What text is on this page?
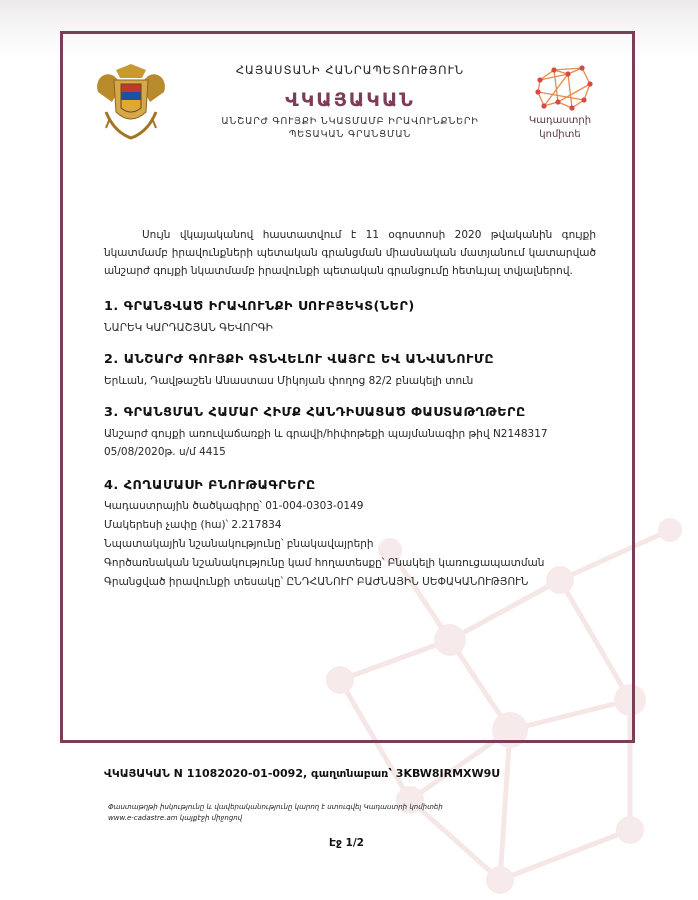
ՀԱՅԱՍՏԱՆԻ ՀԱՆՐԱՊԵՏՈՒԹՅՈՒՆ
ՎԿԱՅԱԿԱՆ
ԱՆՇԱՐԺ ԳՈՒՅՔԻ ՆԿԱՏՄԱՄԲ ԻՐԱՎՈՒՆՔՆԵՐԻ
ՊԵՏԱԿԱՆ ԳՐԱՆՑՄԱՆ
Կադաստրի
կոմիտե
Սույն վկայականով հաստատվում է 11 օգոստոսի 2020 թվականին գույքի նկատմամբ իրավունքների պետական գրանցման միասնական մատյանում կատարված անշարժ գույքի նկատմամբ իրավունքի պետական գրանցումը հետևյալ տվյալներով.
1. ԳՐԱՆՑՎԱԾ ԻՐԱՎՈՒՆՔԻ ՍՈՒԲՅԵԿՏ(ՆԵՐ)
ՆԱՐԵԿ ԿԱՐԴԱՇՅԱՆ ԳԵՎՈՐԳԻ
2. ԱՆՇԱՐԺ ԳՈՒՅՔԻ ԳՏՆՎԵԼՈՒ ՎԱՅՐԸ ԵՎ ԱՆՎԱՆՈՒՄԸ
Երևան, Դավթաշեն Անաստաս Միկոյան փողոց 82/2 բնակելի տուն
3. ԳՐԱՆՑՄԱՆ ՀԱՄԱՐ ՀԻՄՔ ՀԱՆԴԻՍԱՑԱԾ ՓԱՍՏԱԹՂԹԵՐԸ
Անշարժ գույքի առուվաճառքի և գրավի/հիփոթեքի պայմանագիր թիվ N2148317
05/08/2020թ. ս/մ 4415
4. ՀՈՂԱՄԱՍԻ ԲՆՈՒԹԱԳՐԵՐԸ
Կադաստրային ծածկագիրը՝ 01-004-0303-0149
Մակերեսի չափը (հա)՝ 2.217834
Նպատակային նշանակությունը՝ բնակավայրերի
Գործառնական նշանակությունը կամ հողատեսքը՝ Բնակելի կառուցապատման
Գրանցված իրավունքի տեսակը՝ ԸՆԴՀԱՆՈՒՐ ԲԱԺՆԱՅԻՆ ՍԵՓԱԿԱՆՈՒԹՅՈՒՆ
ՎԿԱՅԱԿԱՆ N 11082020-01-0092, գաղտնաբառ՝ 3KBW8IRMXW9U
Փաստաթղթի իսկությունը և վավերականությունը կարող է ստուգվել Կադաստրի կոմիտեի
www.e-cadastre.am կայքէջի միջոցով
Էջ 1/2
